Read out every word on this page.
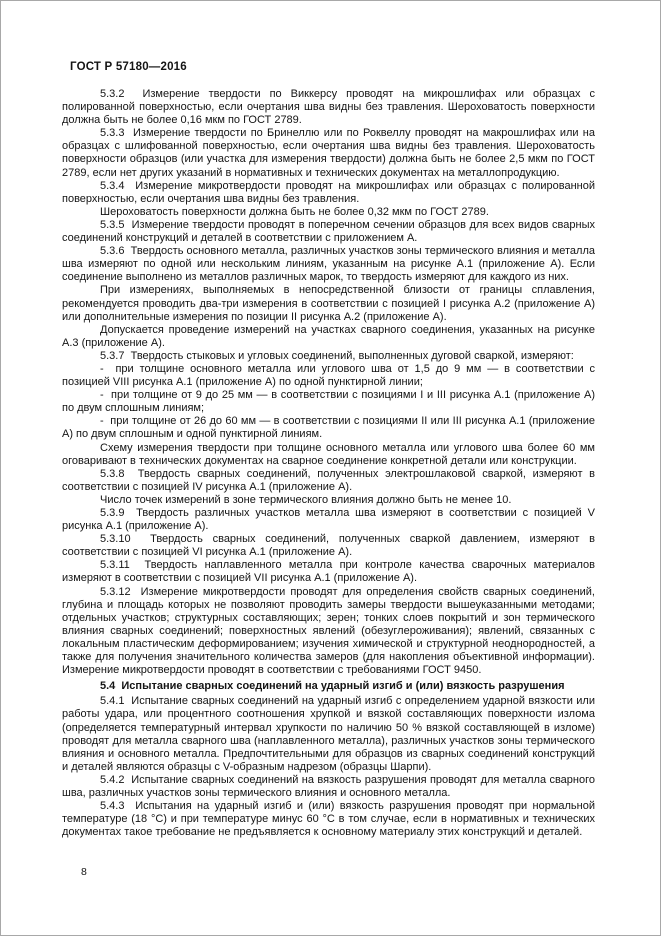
ГОСТ Р 57180—2016

5.3.2  Измерение твердости по Виккерсу проводят на микрошлифах или образцах с полированной поверхностью, если очертания шва видны без травления. Шероховатость поверхности должна быть не более 0,16 мкм по ГОСТ 2789.

5.3.3  Измерение твердости по Бринеллю или по Роквеллу проводят на макрошлифах или на образцах с шлифованной поверхностью, если очертания шва видны без травления. Шероховатость поверхности образцов (или участка для измерения твердости) должна быть не более 2,5 мкм по ГОСТ 2789, если нет других указаний в нормативных и технических документах на металлопродукцию.

5.3.4  Измерение микротвердости проводят на микрошлифах или образцах с полированной поверхностью, если очертания шва видны без травления.

Шероховатость поверхности должна быть не более 0,32 мкм по ГОСТ 2789.

5.3.5  Измерение твердости проводят в поперечном сечении образцов для всех видов сварных соединений конструкций и деталей в соответствии с приложением А.

5.3.6  Твердость основного металла, различных участков зоны термического влияния и металла шва измеряют по одной или нескольким линиям, указанным на рисунке А.1 (приложение А). Если соединение выполнено из металлов различных марок, то твердость измеряют для каждого из них.

При измерениях, выполняемых в непосредственной близости от границы сплавления, рекомендуется проводить два-три измерения в соответствии с позицией I рисунка А.2 (приложение А) или дополнительные измерения по позиции II рисунка А.2 (приложение А).

Допускается проведение измерений на участках сварного соединения, указанных на рисунке А.3 (приложение А).

5.3.7  Твердость стыковых и угловых соединений, выполненных дуговой сваркой, измеряют:

-  при толщине основного металла или углового шва от 1,5 до 9 мм — в соответствии с позицией VIII рисунка А.1 (приложение А) по одной пунктирной линии;

-  при толщине от 9 до 25 мм — в соответствии с позициями I и III рисунка А.1 (приложение А) по двум сплошным линиям;

-  при толщине от 26 до 60 мм — в соответствии с позициями II или III рисунка А.1 (приложение А) по двум сплошным и одной пунктирной линиям.

Схему измерения твердости при толщине основного металла или углового шва более 60 мм оговаривают в технических документах на сварное соединение конкретной детали или конструкции.

5.3.8  Твердость сварных соединений, полученных электрошлаковой сваркой, измеряют в соответствии с позицией IV рисунка А.1 (приложение А).

Число точек измерений в зоне термического влияния должно быть не менее 10.

5.3.9  Твердость различных участков металла шва измеряют в соответствии с позицией V рисунка А.1 (приложение А).

5.3.10  Твердость сварных соединений, полученных сваркой давлением, измеряют в соответствии с позицией VI рисунка А.1 (приложение А).

5.3.11  Твердость наплавленного металла при контроле качества сварочных материалов измеряют в соответствии с позицией VII рисунка А.1 (приложение А).

5.3.12  Измерение микротвердости проводят для определения свойств сварных соединений, глубина и площадь которых не позволяют проводить замеры твердости вышеуказанными методами; отдельных участков; структурных составляющих; зерен; тонких слоев покрытий и зон термического влияния сварных соединений; поверхностных явлений (обезуглероживания); явлений, связанных с локальным пластическим деформированием; изучения химической и структурной неоднородностей, а также для получения значительного количества замеров (для накопления объективной информации). Измерение микротвердости проводят в соответствии с требованиями ГОСТ 9450.

5.4  Испытание сварных соединений на ударный изгиб и (или) вязкость разрушения

5.4.1  Испытание сварных соединений на ударный изгиб с определением ударной вязкости или работы удара, или процентного соотношения хрупкой и вязкой составляющих поверхности излома (определяется температурный интервал хрупкости по наличию 50 % вязкой составляющей в изломе) проводят для металла сварного шва (наплавленного металла), различных участков зоны термического влияния и основного металла. Предпочтительными для образцов из сварных соединений конструкций и деталей являются образцы с V-образным надрезом (образцы Шарпи).

5.4.2  Испытание сварных соединений на вязкость разрушения проводят для металла сварного шва, различных участков зоны термического влияния и основного металла.

5.4.3  Испытания на ударный изгиб и (или) вязкость разрушения проводят при нормальной температуре (18 °С) и при температуре минус 60 °С в том случае, если в нормативных и технических документах такое требование не предъявляется к основному материалу этих конструкций и деталей.

8
